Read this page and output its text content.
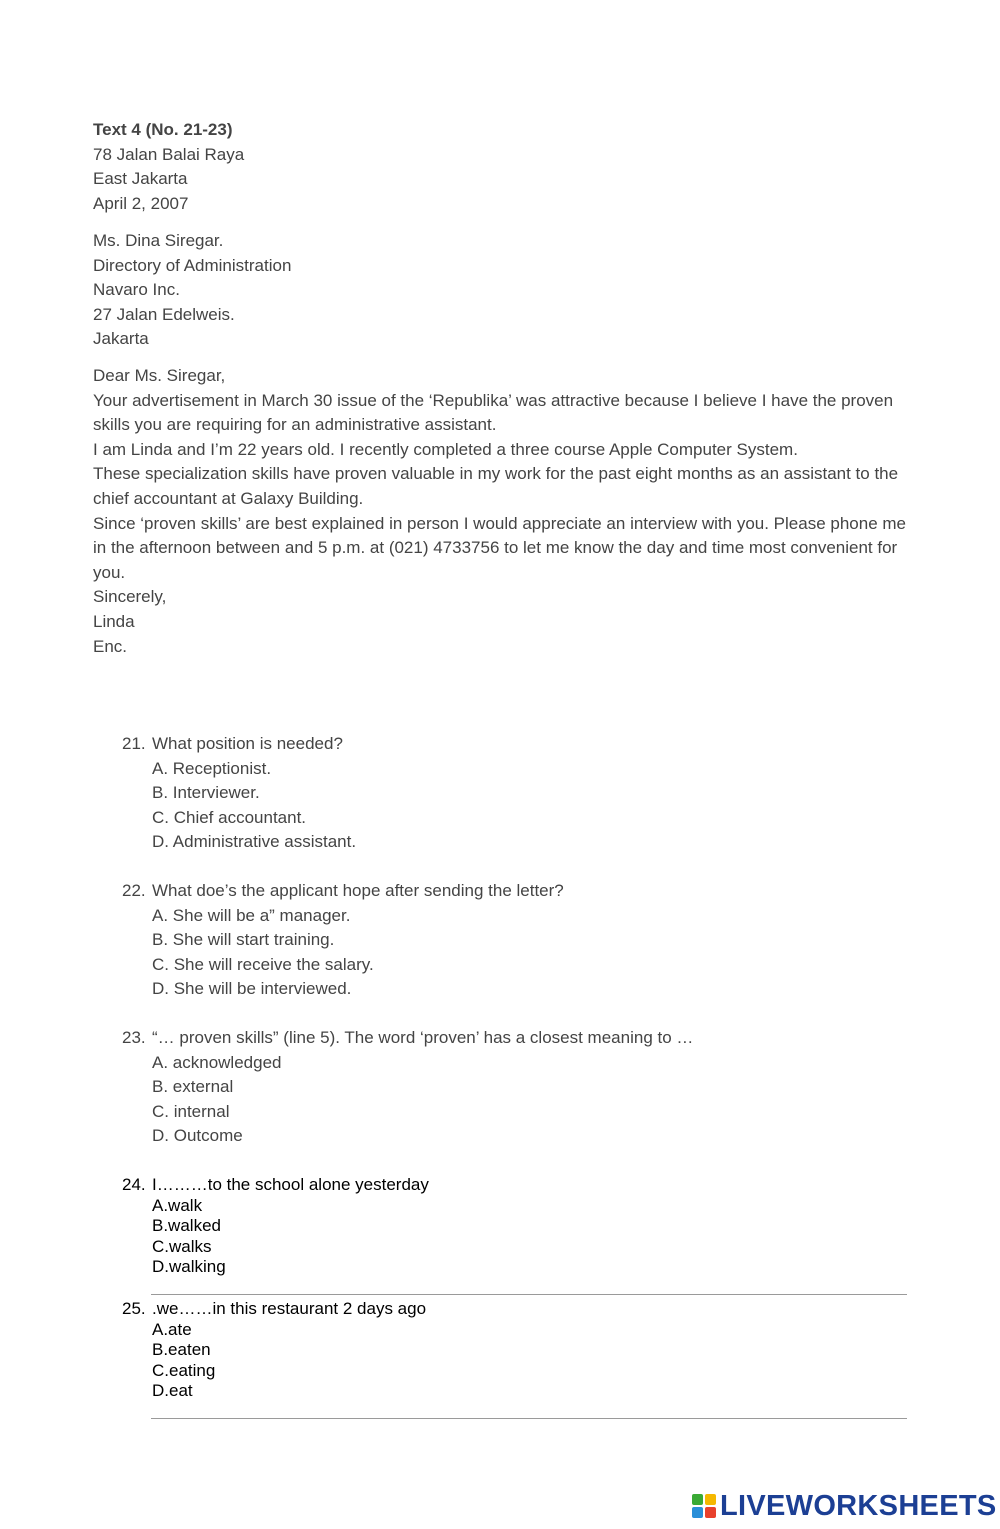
Text 4 (No. 21-23)
78 Jalan Balai Raya
East Jakarta
April 2, 2007
Ms. Dina Siregar.
Directory of Administration
Navaro Inc.
27 Jalan Edelweis.
Jakarta
Dear Ms. Siregar,
Your advertisement in March 30 issue of the ‘Republika’ was attractive because I believe I have the proven skills you are requiring for an administrative assistant.
I am Linda and I’m 22 years old. I recently completed a three course Apple Computer System.
These specialization skills have proven valuable in my work for the past eight months as an assistant to the chief accountant at Galaxy Building.
Since ‘proven skills’ are best explained in person I would appreciate an interview with you. Please phone me
in the afternoon between and 5 p.m. at (021) 4733756 to let me know the day and time most convenient for you.
Sincerely,
Linda
Enc.
21. What position is needed?
A. Receptionist.
B. Interviewer.
C. Chief accountant.
D. Administrative assistant.
22. What doe’s the applicant hope after sending the letter?
A. She will be a” manager.
B. She will start training.
C. She will receive the salary.
D. She will be interviewed.
23. “… proven skills” (line 5). The word ‘proven’ has a closest meaning to …
A. acknowledged
B. external
C. internal
D. Outcome
24. I………to the school alone yesterday
A.walk
B.walked
C.walks
D.walking
25. .we……in this restaurant 2 days ago
A.ate
B.eaten
C.eating
D.eat
LIVEWORKSHEETS
